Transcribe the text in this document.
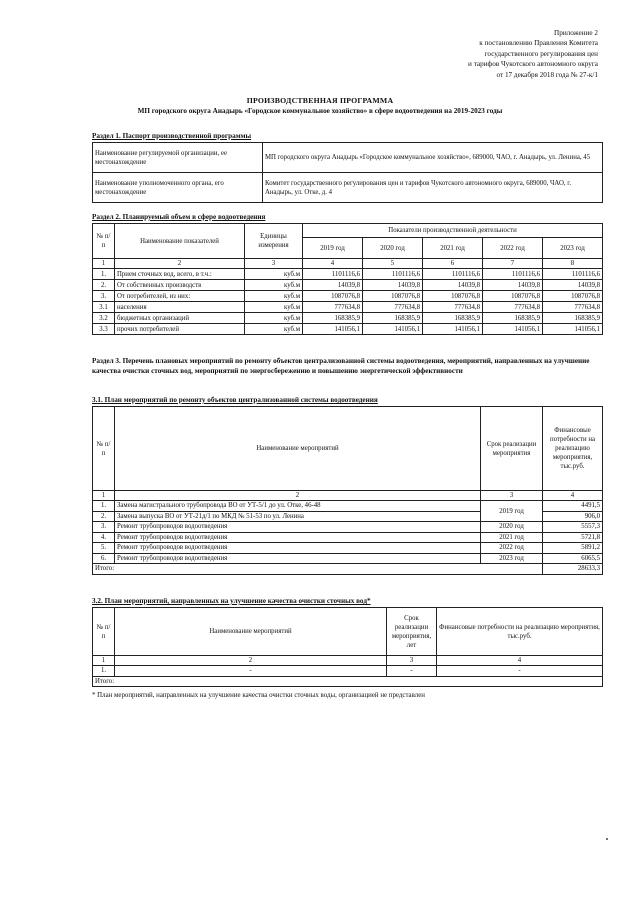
Приложение 2
к постановлению Правления Комитета
государственного регулирования цен
и тарифов Чукотского автономного округа
от 17 декабря 2018 года № 27-к/1
ПРОИЗВОДСТВЕННАЯ ПРОГРАММА
МП городского округа Анадырь «Городское коммунальное хозяйство» в сфере водоотведения на 2019-2023 годы
Раздел 1. Паспорт производственной программы
Наименование регулируемой организации, ее местонахождение	МП городского округа Анадырь «Городское коммунальное хозяйство», 689000, ЧАО, г. Анадырь, ул. Ленина, 45
Наименование уполномоченного органа, его местонахождение	Комитет государственного регулирования цен и тарифов Чукотского автономного округа, 689000, ЧАО, г. Анадырь, ул. Отке, д. 4
Раздел 2. Планируемый объем в сфере водоотведения
№ п/п	Наименование показателей	Единицы измерения	Показатели производственной деятельности				
			2019 год	2020 год	2021 год	2022 год	2023 год
1	2	3	4	5	6	7	8
1.	Прием сточных вод, всего, в т.ч.:	куб.м	1101116,6	1101116,6	1101116,6	1101116,6	1101116,6
2.	От собственных производств	куб.м	14039,8	14039,8	14039,8	14039,8	14039,8
3.	От потребителей, из них:	куб.м	1087076,8	1087076,8	1087076,8	1087076,8	1087076,8
3.1	населения	куб.м	777634,8	777634,8	777634,8	777634,8	777634,8
3.2	бюджетных организаций	куб.м	168385,9	168385,9	168385,9	168385,9	168385,9
3.3	прочих потребителей	куб.м	141056,1	141056,1	141056,1	141056,1	141056,1
Раздел 3. Перечень плановых мероприятий по ремонту объектов централизованной системы водоотведения, мероприятий, направленных на улучшение качества очистки сточных вод, мероприятий по энергосбережению и повышению энергетической эффективности
3.1. План мероприятий по ремонту объектов централизованной системы водоотведения
№ п/п	Наименование мероприятий	Срок реализации мероприятия	Финансовые потребности на реализацию мероприятия, тыс.руб.
1	2	3	4
1.	Замена магистрального трубопровода ВО от УТ-5/1 до ул. Отке, 46-48	2019 год	4491,5
2.	Замена выпуска ВО от УТ-21д/1 по МКД № 51-53 по ул. Ленина		906,0
3.	Ремонт трубопроводов водоотведения	2020 год	5557,3
4.	Ремонт трубопроводов водоотведения	2021 год	5721,8
5.	Ремонт трубопроводов водоотведения	2022 год	5891,2
6.	Ремонт трубопроводов водоотведения	2023 год	6065,5
Итого:			28633,3
3.2. План мероприятий, направленных на улучшение качества очистки сточных вод*
№ п/п	Наименование мероприятий	Срок реализации мероприятия, лет	Финансовые потребности на реализацию мероприятия, тыс.руб.
1	2	3	4
1.	-	-	-
Итого:			
* План мероприятий, направленных на улучшение качества очистки сточных воды, организацией не представлен
